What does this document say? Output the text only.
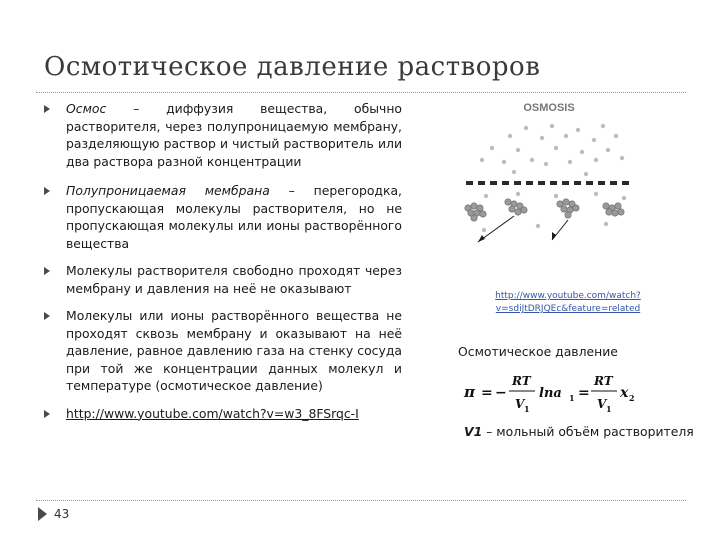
Осмотическое давление растворов
Осмос – диффузия вещества, обычно растворителя, через полупроницаемую мембрану, разделяющую раствор и чистый растворитель или два раствора разной концентрации
Полупроницаемая мембрана – перегородка, пропускающая молекулы растворителя, но не пропускающая молекулы или ионы растворённого вещества
Молекулы растворителя свободно проходят через мембрану и давления на неё не оказывают
Молекулы или ионы растворённого вещества не проходят сквозь мембрану и оказывают на неё давление, равное давлению газа на стенку сосуда при той же концентрации данных молекул и температуре (осмотическое давление)
http://www.youtube.com/watch?v=w3_8FSrqc-I
OSMOSIS
http://www.youtube.com/watch?v=sdiJtDRJQEc&feature=related
Осмотическое давление
π = −
RT
V 1
lna 1 =
RT
V 1
x 2
V1 – мольный объём растворителя
43
